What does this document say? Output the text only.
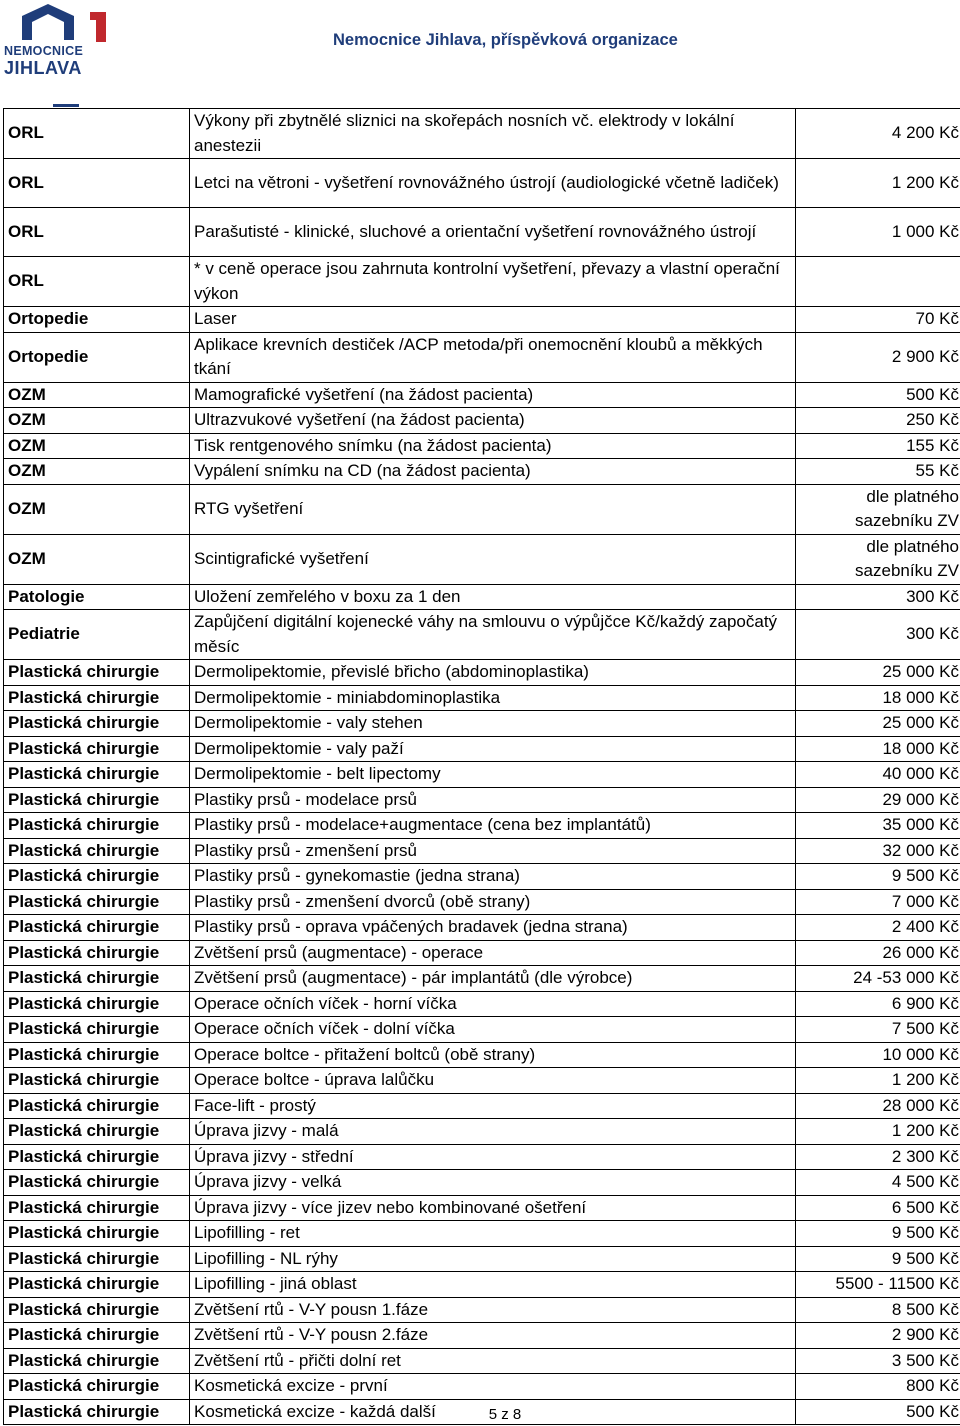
NEMOCNICE
JIHLAVA
Nemocnice Jihlava, příspěvková organizace
ORL	Výkony při zbytnělé sliznici na skořepách nosních vč. elektrody v lokální anestezii	4 200 Kč
ORL	Letci na větroni - vyšetření rovnovážného ústrojí (audiologické včetně ladiček)	1 200 Kč
ORL	Parašutisté - klinické, sluchové a orientační vyšetření rovnovážného ústrojí	1 000 Kč
ORL	* v ceně operace jsou zahrnuta kontrolní vyšetření, převazy a vlastní operační výkon	
Ortopedie	Laser	70 Kč
Ortopedie	Aplikace krevních destiček /ACP metoda/při onemocnění kloubů a měkkých tkání	2 900 Kč
OZM	Mamografické vyšetření (na žádost pacienta)	500 Kč
OZM	Ultrazvukové vyšetření (na žádost pacienta)	250 Kč
OZM	Tisk rentgenového snímku (na žádost pacienta)	155 Kč
OZM	Vypálení snímku na CD (na žádost pacienta)	55 Kč
OZM	RTG vyšetření	dle platného sazebníku ZV
OZM	Scintigrafické vyšetření	dle platného sazebníku ZV
Patologie	Uložení zemřelého v boxu za 1 den	300 Kč
Pediatrie	Zapůjčení digitální kojenecké váhy na smlouvu o výpůjčce Kč/každý započatý měsíc	300 Kč
Plastická chirurgie	Dermolipektomie, převislé břicho (abdominoplastika)	25 000 Kč
Plastická chirurgie	Dermolipektomie - miniabdominoplastika	18 000 Kč
Plastická chirurgie	Dermolipektomie - valy stehen	25 000 Kč
Plastická chirurgie	Dermolipektomie - valy paží	18 000 Kč
Plastická chirurgie	Dermolipektomie - belt lipectomy	40 000 Kč
Plastická chirurgie	Plastiky prsů - modelace prsů	29 000 Kč
Plastická chirurgie	Plastiky prsů - modelace+augmentace (cena bez implantátů)	35 000 Kč
Plastická chirurgie	Plastiky prsů - zmenšení prsů	32 000 Kč
Plastická chirurgie	Plastiky prsů - gynekomastie (jedna strana)	9 500 Kč
Plastická chirurgie	Plastiky prsů - zmenšení dvorců (obě strany)	7 000 Kč
Plastická chirurgie	Plastiky prsů - oprava vpáčených bradavek (jedna strana)	2 400 Kč
Plastická chirurgie	Zvětšení prsů (augmentace) - operace	26 000 Kč
Plastická chirurgie	Zvětšení prsů (augmentace) - pár implantátů (dle výrobce)	24 -53 000 Kč
Plastická chirurgie	Operace očních víček - horní víčka	6 900 Kč
Plastická chirurgie	Operace očních víček - dolní víčka	7 500 Kč
Plastická chirurgie	Operace boltce - přitažení boltců (obě strany)	10 000 Kč
Plastická chirurgie	Operace boltce - úprava lalůčku	1 200 Kč
Plastická chirurgie	Face-lift - prostý	28 000 Kč
Plastická chirurgie	Úprava jizvy - malá	1 200 Kč
Plastická chirurgie	Úprava jizvy - střední	2 300 Kč
Plastická chirurgie	Úprava jizvy - velká	4 500 Kč
Plastická chirurgie	Úprava jizvy - více jizev nebo kombinované ošetření	6 500 Kč
Plastická chirurgie	Lipofilling - ret	9 500 Kč
Plastická chirurgie	Lipofilling - NL rýhy	9 500 Kč
Plastická chirurgie	Lipofilling - jiná oblast	5500 - 11500 Kč
Plastická chirurgie	Zvětšení rtů - V-Y pousn 1.fáze	8 500 Kč
Plastická chirurgie	Zvětšení rtů - V-Y pousn 2.fáze	2 900 Kč
Plastická chirurgie	Zvětšení rtů - přičti dolní ret	3 500 Kč
Plastická chirurgie	Kosmetická excize - první	800 Kč
Plastická chirurgie	Kosmetická excize - každá další	500 Kč
5 z 8
